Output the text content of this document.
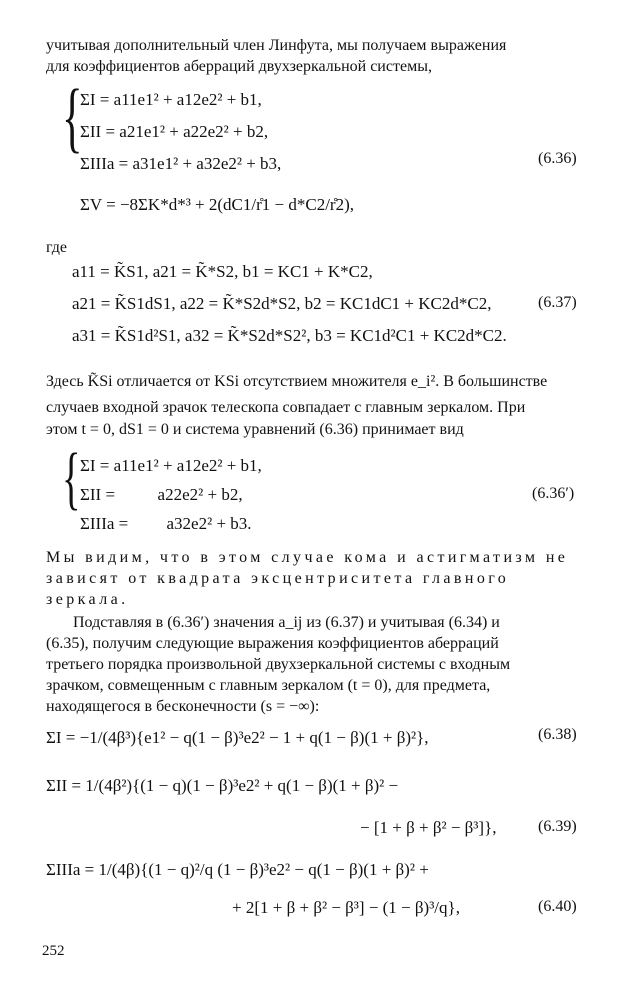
учитывая дополнительный член Линфута, мы получаем выражения
для коэффициентов аберраций двухзеркальной системы,
{
ΣI = a11e1² + a12e2² + b1,
ΣII = a21e1² + a22e2² + b2,
ΣIIIa = a31e1² + a32e2² + b3,
ΣV = −8ΣK*d*³ + 2(dC1/r̊1 − d*C2/r̊2),
(6.36)
где
a11 = K̃S1, a21 = K̃*S2, b1 = KC1 + K*C2,
a21 = K̃S1dS1, a22 = K̃*S2d*S2, b2 = KC1dC1 + KC2d*C2,
a31 = K̃S1d²S1, a32 = K̃*S2d*S2², b3 = KC1d²C1 + KC2d*C2.
(6.37)
Здесь K̃Si отличается от KSi отсутствием множителя e_i². В большинстве
случаев входной зрачок телескопа совпадает с главным зеркалом. При
этом t = 0, dS1 = 0 и система уравнений (6.36) принимает вид
{ ΣI = a11e1² + a12e2² + b1,
ΣII =          a22e2² + b2,
ΣIIIa =         a32e2² + b3.
(6.36′)
Мы видим, что в этом случае кома и астигматизм не
зависят от квадрата эксцентриситета главного
зеркала.
Подставляя в (6.36′) значения a_ij из (6.37) и учитывая (6.34) и
(6.35), получим следующие выражения коэффициентов аберраций
третьего порядка произвольной двухзеркальной системы с входным
зрачком, совмещенным с главным зеркалом (t = 0), для предмета,
находящегося в бесконечности (s = −∞):
ΣI = −1/(4β³){e1² − q(1 − β)³e2² − 1 + q(1 − β)(1 + β)²},	(6.38)
ΣII = 1/(4β²){(1 − q)(1 − β)³e2² + q(1 − β)(1 + β)² −
− [1 + β + β² − β³]},	(6.39)
ΣIIIa = 1/(4β){(1 − q)²/q (1 − β)³e2² − q(1 − β)(1 + β)² +
+ 2[1 + β + β² − β³] − (1 − β)³/q},	(6.40)
252
